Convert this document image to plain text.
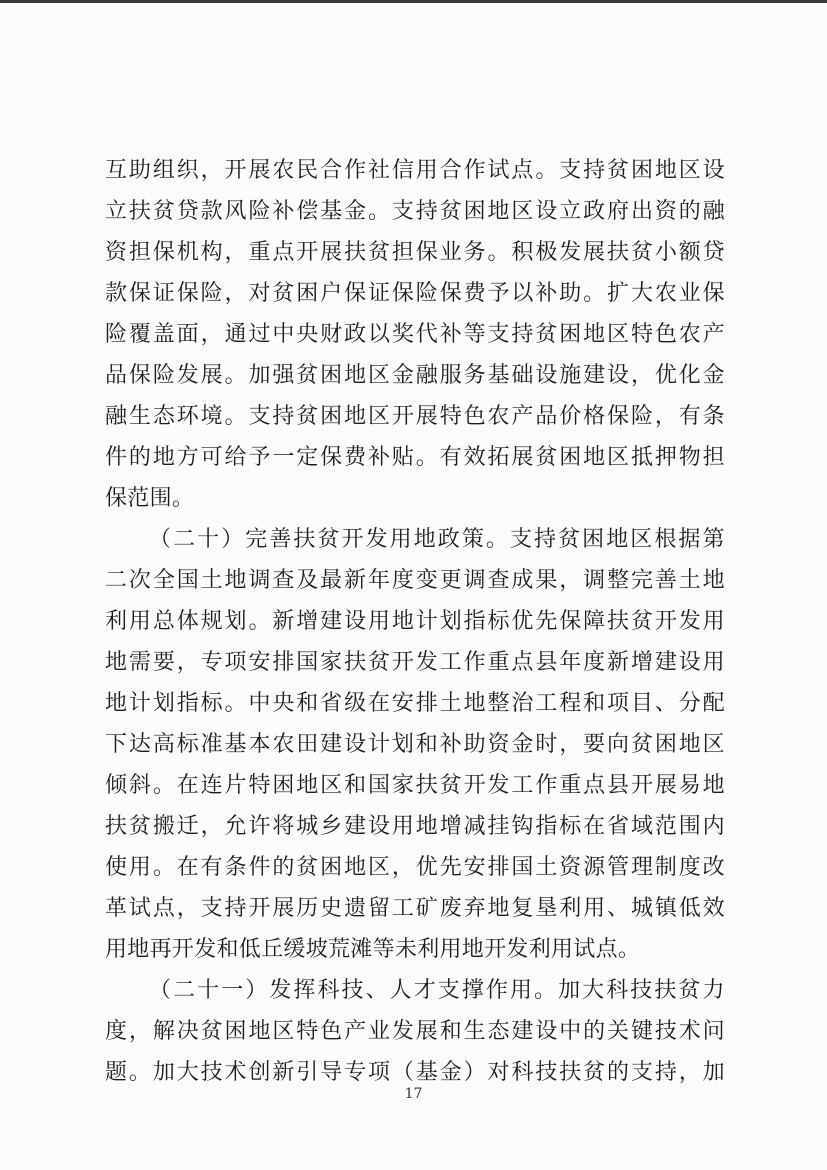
互 助 组 织 ， 开 展 农 民 合 作 社 信 用 合 作 试 点 。 支 持 贫 困 地 区 设
立 扶 贫 贷 款 风 险 补 偿 基 金 。 支 持 贫 困 地 区 设 立 政 府 出 资 的 融
资 担 保 机 构 ， 重 点 开 展 扶 贫 担 保 业 务 。 积 极 发 展 扶 贫 小 额 贷
款 保 证 保 险 ， 对 贫 困 户 保 证 保 险 保 费 予 以 补 助 。 扩 大 农 业 保
险 覆 盖 面 ， 通 过 中 央 财 政 以 奖 代 补 等 支 持 贫 困 地 区 特 色 农 产
品 保 险 发 展 。 加 强 贫 困 地 区 金 融 服 务 基 础 设 施 建 设 ， 优 化 金
融 生 态 环 境 。 支 持 贫 困 地 区 开 展 特 色 农 产 品 价 格 保 险 ， 有 条
件 的 地 方 可 给 予 一 定 保 费 补 贴 。 有 效 拓 展 贫 困 地 区 抵 押 物 担
保范围。
（ 二 十 ） 完 善 扶 贫 开 发 用 地 政 策 。 支 持 贫 困 地 区 根 据 第
二 次 全 国 土 地 调 查 及 最 新 年 度 变 更 调 查 成 果 ， 调 整 完 善 土 地
利 用 总 体 规 划 。 新 增 建 设 用 地 计 划 指 标 优 先 保 障 扶 贫 开 发 用
地 需 要 ， 专 项 安 排 国 家 扶 贫 开 发 工 作 重 点 县 年 度 新 增 建 设 用
地 计 划 指 标 。 中 央 和 省 级 在 安 排 土 地 整 治 工 程 和 项 目 、 分 配
下 达 高 标 准 基 本 农 田 建 设 计 划 和 补 助 资 金 时 ， 要 向 贫 困 地 区
倾 斜 。 在 连 片 特 困 地 区 和 国 家 扶 贫 开 发 工 作 重 点 县 开 展 易 地
扶 贫 搬 迁 ， 允 许 将 城 乡 建 设 用 地 增 减 挂 钩 指 标 在 省 域 范 围 内
使 用 。 在 有 条 件 的 贫 困 地 区 ， 优 先 安 排 国 土 资 源 管 理 制 度 改
革 试 点 ， 支 持 开 展 历 史 遗 留 工 矿 废 弃 地 复 垦 利 用 、 城 镇 低 效
用地再开发和低丘缓坡荒滩等未利用地开发利用试点。
（ 二 十 一 ） 发 挥 科 技 、 人 才 支 撑 作 用 。 加 大 科 技 扶 贫 力
度 ， 解 决 贫 困 地 区 特 色 产 业 发 展 和 生 态 建 设 中 的 关 键 技 术 问
题 。 加 大 技 术 创 新 引 导 专 项 （ 基 金 ） 对 科 技 扶 贫 的 支 持 ， 加
17
